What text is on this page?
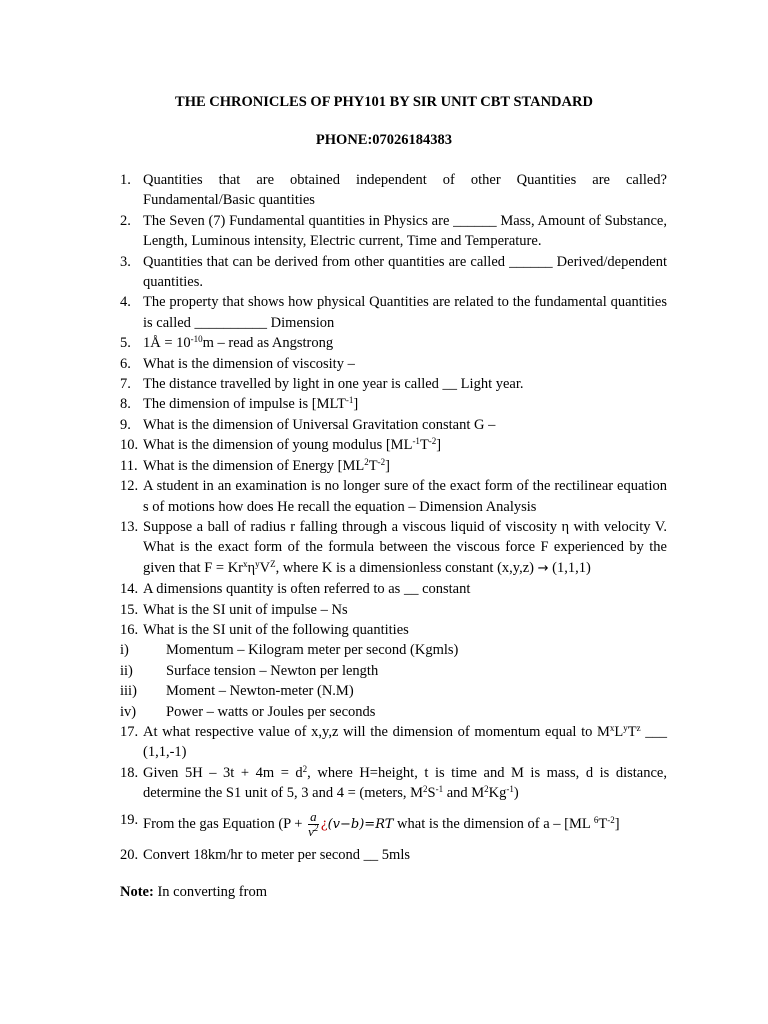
THE CHRONICLES OF PHY101 BY SIR UNIT CBT STANDARD
PHONE:07026184383
1. Quantities that are obtained independent of other Quantities are called? Fundamental/Basic quantities
2. The Seven (7) Fundamental quantities in Physics are ______ Mass, Amount of Substance, Length, Luminous intensity, Electric current, Time and Temperature.
3. Quantities that can be derived from other quantities are called ______ Derived/dependent quantities.
4. The property that shows how physical Quantities are related to the fundamental quantities is called __________ Dimension
5. 1Å = $10^{-10}m$ – read as Angstrong
6. What is the dimension of viscosity –
7. The distance travelled by light in one year is called __ Light year.
8. The dimension of impulse is $[MLT^{-1}]$
9. What is the dimension of Universal Gravitation constant G –
10. What is the dimension of young modulus $[ML^{-1}T^{-2}]$
11. What is the dimension of Energy $[ML^2T^{-2}]$
12. A student in an examination is no longer sure of the exact form of the rectilinear equation s of motions how does He recall the equation – Dimension Analysis
13. Suppose a ball of radius r falling through a viscous liquid of viscosity η with velocity V. What is the exact form of the formula between the viscous force F experienced by the given that $F = Kr^x\eta^yV^Z$, where K is a dimensionless constant (x,y,z) → (1,1,1)
14. A dimensions quantity is often referred to as __ constant
15. What is the SI unit of impulse – Ns
16. What is the SI unit of the following quantities
i)	Momentum – Kilogram meter per second (Kgmls)
ii)	Surface tension – Newton per length
iii)	Moment – Newton-meter (N.M)
iv)	Power – watts or Joules per seconds
17. At what respective value of x,y,z will the dimension of momentum equal to $M^xL^yT^z$ ___ (1,1,-1)
18. Given $5H - 3t + 4m = d^2$, where H=height, t is time and M is mass, d is distance, determine the S1 unit of 5, 3 and 4 = (meters, $M^2S^{-1}$ and $M^2Kg^{-1}$)
19. From the gas Equation ($P + \frac{a}{v^2}$ ¿(v−b)=RT what is the dimension of a – [ML $^6T^{-2}$]
20. Convert 18km/hr to meter per second __ 5mls
Note: In converting from
